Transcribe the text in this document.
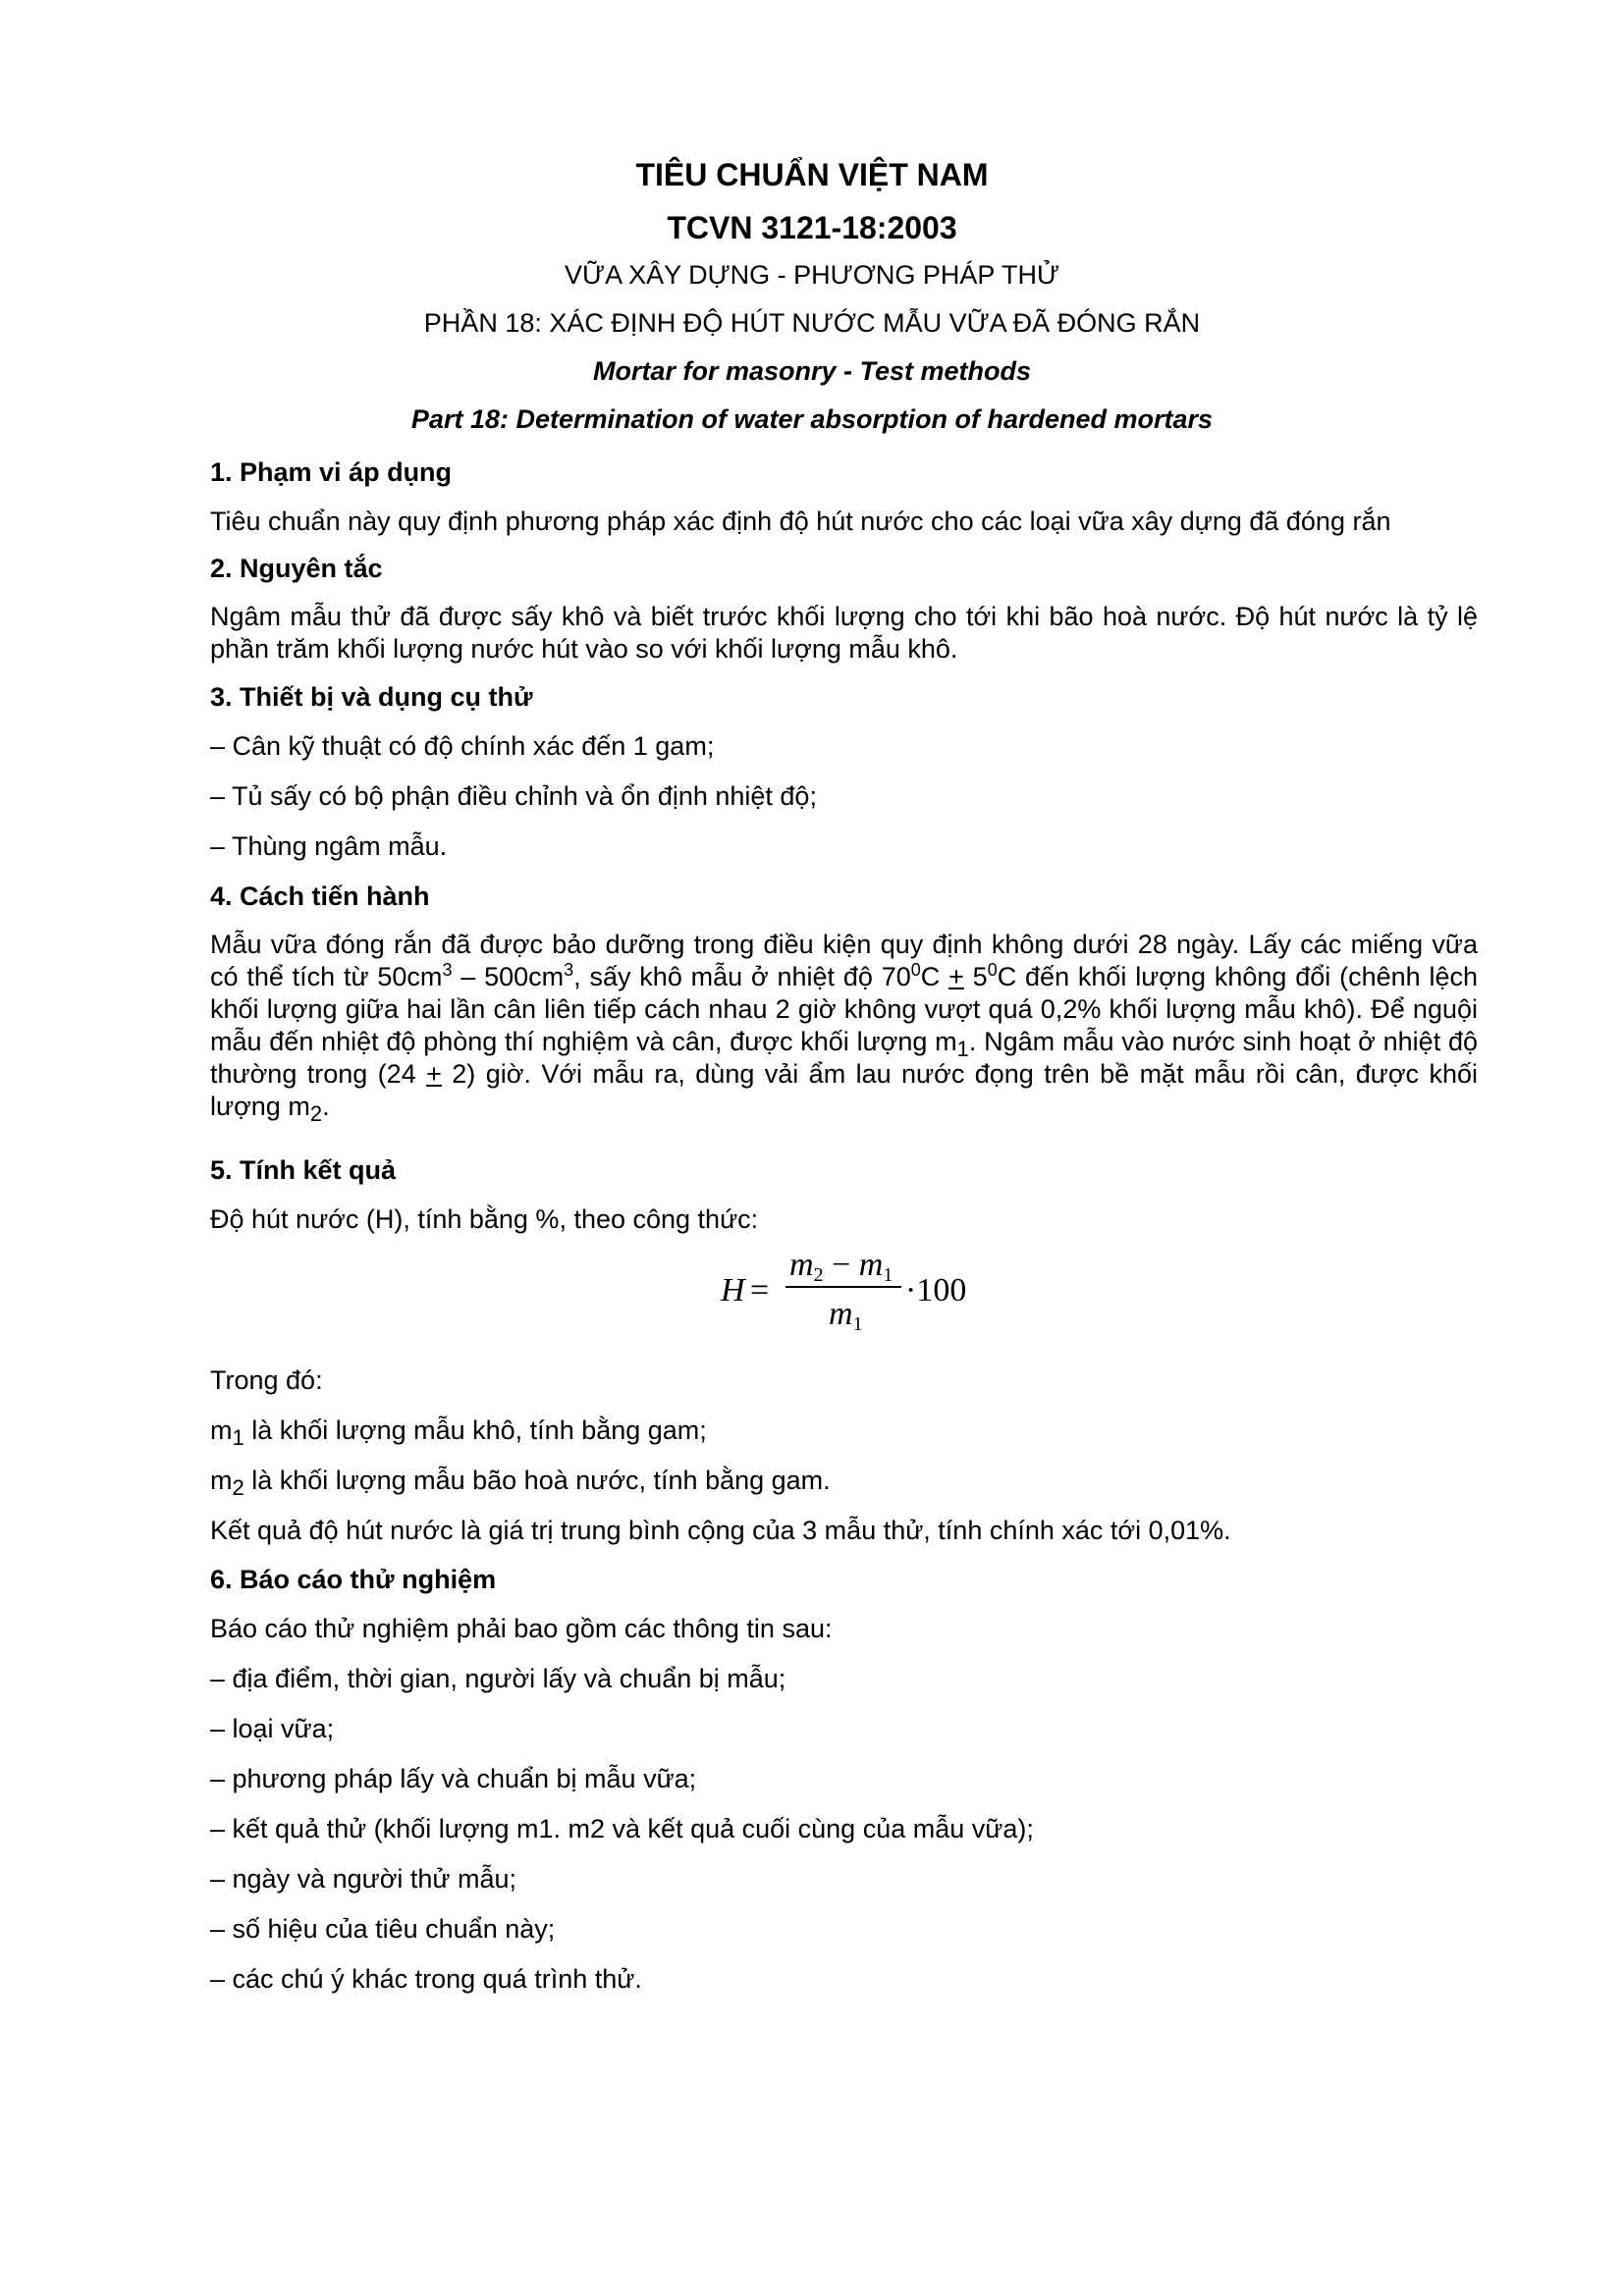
TIÊU CHUẨN VIỆT NAM
TCVN 3121-18:2003
VỮA XÂY DỰNG - PHƯƠNG PHÁP THỬ
PHẦN 18: XÁC ĐỊNH ĐỘ HÚT NƯỚC MẪU VỮA ĐÃ ĐÓNG RẮN
Mortar for masonry - Test methods
Part 18: Determination of water absorption of hardened mortars
1. Phạm vi áp dụng
Tiêu chuẩn này quy định phương pháp xác định độ hút nước cho các loại vữa xây dựng đã đóng rắn
2. Nguyên tắc
Ngâm mẫu thử đã được sấy khô và biết trước khối lượng cho tới khi bão hoà nước. Độ hút nước là tỷ lệ phần trăm khối lượng nước hút vào so với khối lượng mẫu khô.
3. Thiết bị và dụng cụ thử
– Cân kỹ thuật có độ chính xác đến 1 gam;
– Tủ sấy có bộ phận điều chỉnh và ổn định nhiệt độ;
– Thùng ngâm mẫu.
4. Cách tiến hành
Mẫu vữa đóng rắn đã được bảo dưỡng trong điều kiện quy định không dưới 28 ngày. Lấy các miếng vữa có thể tích từ $50cm^3 - 500cm^3$, sấy khô mẫu ở nhiệt độ $70^0C + 5^0C$ đến khối lượng không đổi (chênh lệch khối lượng giữa hai lần cân liên tiếp cách nhau 2 giờ không vượt quá 0,2% khối lượng mẫu khô). Để nguội mẫu đến nhiệt độ phòng thí nghiệm và cân, được khối lượng $m_1$. Ngâm mẫu vào nước sinh hoạt ở nhiệt độ thường trong (24 + 2) giờ. Với mẫu ra, dùng vải ẩm lau nước đọng trên bề mặt mẫu rồi cân, được khối lượng $m_2$.
5. Tính kết quả
Độ hút nước (H), tính bằng %, theo công thức:
H =
$m_2 - m_1$
$m_1$
·100
Trong đó:
$m_1$ là khối lượng mẫu khô, tính bằng gam;
$m_2$ là khối lượng mẫu bão hoà nước, tính bằng gam.
Kết quả độ hút nước là giá trị trung bình cộng của 3 mẫu thử, tính chính xác tới 0,01%.
6. Báo cáo thử nghiệm
Báo cáo thử nghiệm phải bao gồm các thông tin sau:
– địa điểm, thời gian, người lấy và chuẩn bị mẫu;
– loại vữa;
– phương pháp lấy và chuẩn bị mẫu vữa;
– kết quả thử (khối lượng m1. m2 và kết quả cuối cùng của mẫu vữa);
– ngày và người thử mẫu;
– số hiệu của tiêu chuẩn này;
– các chú ý khác trong quá trình thử.
